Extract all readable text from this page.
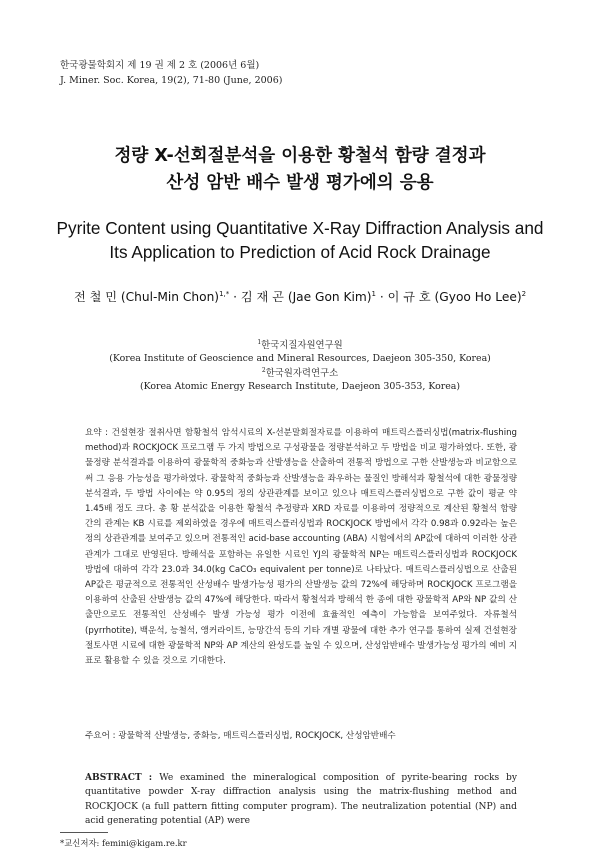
한국광물학회지 제 19 권 제 2 호 (2006년 6월)
J. Miner. Soc. Korea, 19(2), 71-80 (June, 2006)
정량 X-선회절분석을 이용한 황철석 함량 결정과
산성 암반 배수 발생 평가에의 응용
Pyrite Content using Quantitative X-Ray Diffraction Analysis and
Its Application to Prediction of Acid Rock Drainage
전 철 민 (Chul-Min Chon)$^{1,*}$ · 김 재 곤 (Jae Gon Kim)$^1$ · 이 규 호 (Gyoo Ho Lee)$^2$
$^1$한국지질자원연구원
(Korea Institute of Geoscience and Mineral Resources, Daejeon 305-350, Korea)
$^2$한국원자력연구소
(Korea Atomic Energy Research Institute, Daejeon 305-353, Korea)
요약 : 건설현장 절취사면 함황철석 암석시료의 X-선분말회절자료를 이용하여 매트릭스플러싱법(matrix-flushing method)과 ROCKJOCK 프로그램 두 가지 방법으로 구성광물을 정량분석하고 두 방법을 비교 평가하였다. 또한, 광물정량 분석결과를 이용하여 광물학적 중화능과 산발생능을 산출하여 전통적 방법으로 구한 산발생능과 비교함으로써 그 응용 가능성을 평가하였다. 광물학적 중화능과 산발생능을 좌우하는 물질인 방해석과 황철석에 대한 광물정량 분석결과, 두 방법 사이에는 약 0.95의 정의 상관관계를 보이고 있으나 매트릭스플러싱법으로 구한 값이 평균 약 1.45배 정도 크다. 총 황 분석값을 이용한 황철석 추정량과 XRD 자료를 이용하여 정량적으로 계산된 황철석 함량 간의 관계는 KB 시료를 제외하였을 경우에 매트릭스플러싱법과 ROCKJOCK 방법에서 각각 0.98과 0.92라는 높은 정의 상관관계를 보여주고 있으며 전통적인 acid-base accounting (ABA) 시험에서의 AP값에 대하여 이러한 상관관계가 그대로 반영된다. 방해석을 포함하는 유일한 시료인 YJ의 광물학적 NP는 매트릭스플러싱법과 ROCKJOCK 방법에 대하여 각각 23.0과 34.0(kg CaCO₃ equivalent per tonne)로 나타났다. 매트릭스플러싱법으로 산출된 AP값은 평균적으로 전통적인 산성배수 발생가능성 평가의 산발생능 값의 72%에 해당하며 ROCKJOCK 프로그램을 이용하여 산출된 산발생능 값의 47%에 해당한다. 따라서 황철석과 방해석 한 종에 대한 광물학적 AP와 NP 값의 산출만으로도 전통적인 산성배수 발생 가능성 평가 이전에 효율적인 예측이 가능함을 보여주었다. 자류철석(pyrrhotite), 백운석, 능철석, 앵커라이트, 능망간석 등의 기타 개별 광물에 대한 추가 연구를 통하여 실제 건설현장 절토사면 시료에 대한 광물학적 NP와 AP 계산의 완성도를 높일 수 있으며, 산성암반배수 발생가능성 평가의 예비 지표로 활용할 수 있을 것으로 기대한다.
주요어 : 광물학적 산발생능, 중화능, 매트릭스플러싱법, ROCKJOCK, 산성암반배수
ABSTRACT : We examined the mineralogical composition of pyrite-bearing rocks by quantitative powder X-ray diffraction analysis using the matrix-flushing method and ROCKJOCK (a full pattern fitting computer program). The neutralization potential (NP) and acid generating potential (AP) were
*교신저자: femini@kigam.re.kr
